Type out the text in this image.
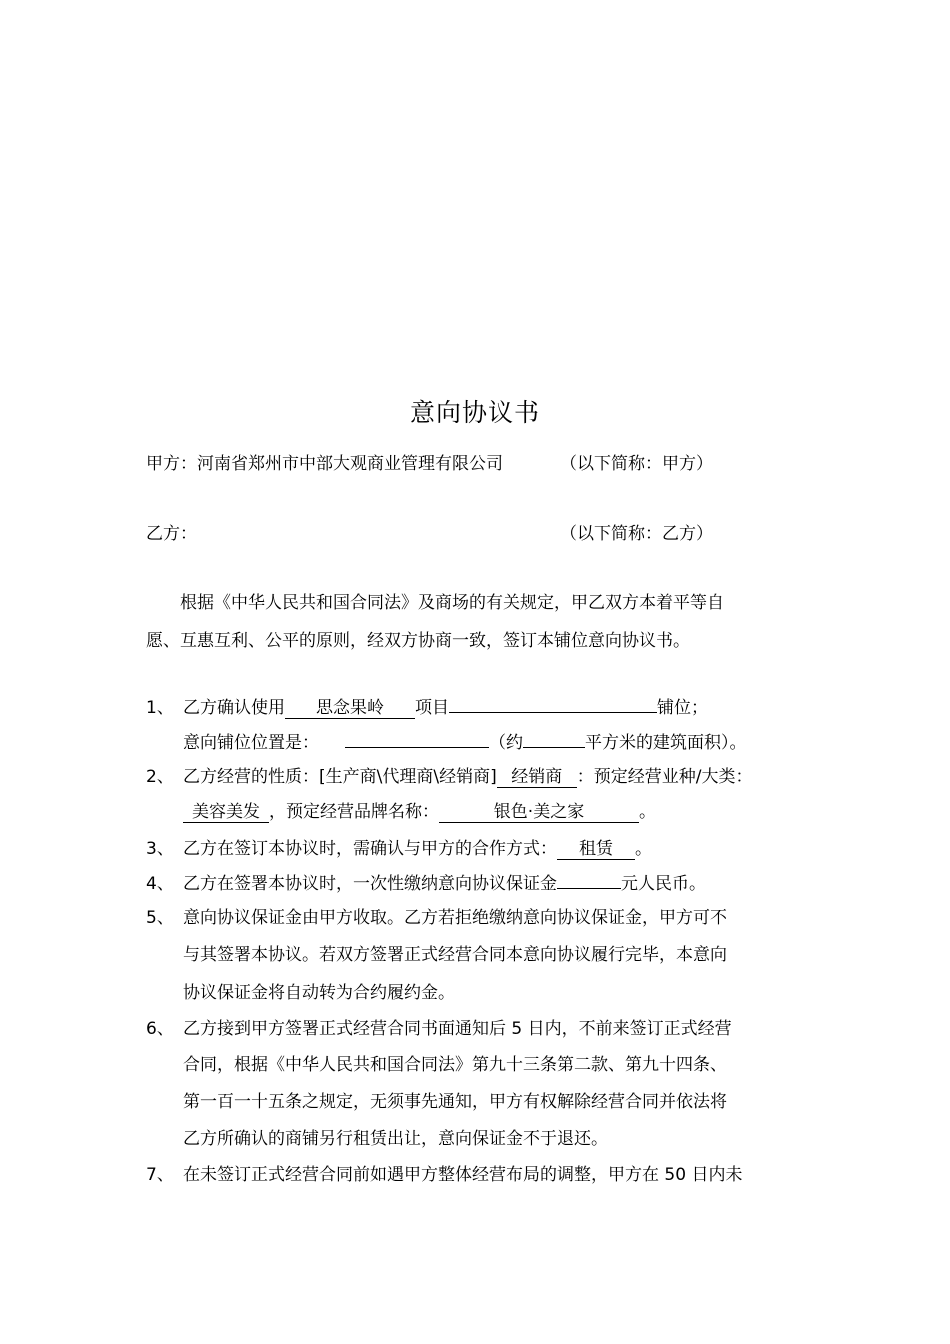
意向协议书
甲方：河南省郑州市中部大观商业管理有限公司	（以下简称：甲方）
乙方：	（以下简称：乙方）
根据《中华人民共和国合同法》及商场的有关规定，甲乙双方本着平等自
愿、互惠互利、公平的原则，经双方协商一致，签订本铺位意向协议书。
1、 乙方确认使用 思念果岭 项目	铺位；
意向铺位位置是：	（约	平方米的建筑面积）。
2、 乙方经营的性质：[生产商\代理商\经销商] 经销商 ：预定经营业种/大类：
美容美发 ，预定经营品牌名称：	银色·美之家	。
3、 乙方在签订本协议时，需确认与甲方的合作方式： 租赁 。
4、 乙方在签署本协议时，一次性缴纳意向协议保证金	元人民币。
5、 意向协议保证金由甲方收取。乙方若拒绝缴纳意向协议保证金，甲方可不
与其签署本协议。若双方签署正式经营合同本意向协议履行完毕，本意向
协议保证金将自动转为合约履约金。
6、 乙方接到甲方签署正式经营合同书面通知后 5 日内，不前来签订正式经营
合同，根据《中华人民共和国合同法》第九十三条第二款、第九十四条、
第一百一十五条之规定，无须事先通知，甲方有权解除经营合同并依法将
乙方所确认的商铺另行租赁出让，意向保证金不于退还。
7、 在未签订正式经营合同前如遇甲方整体经营布局的调整，甲方在 50 日内未
